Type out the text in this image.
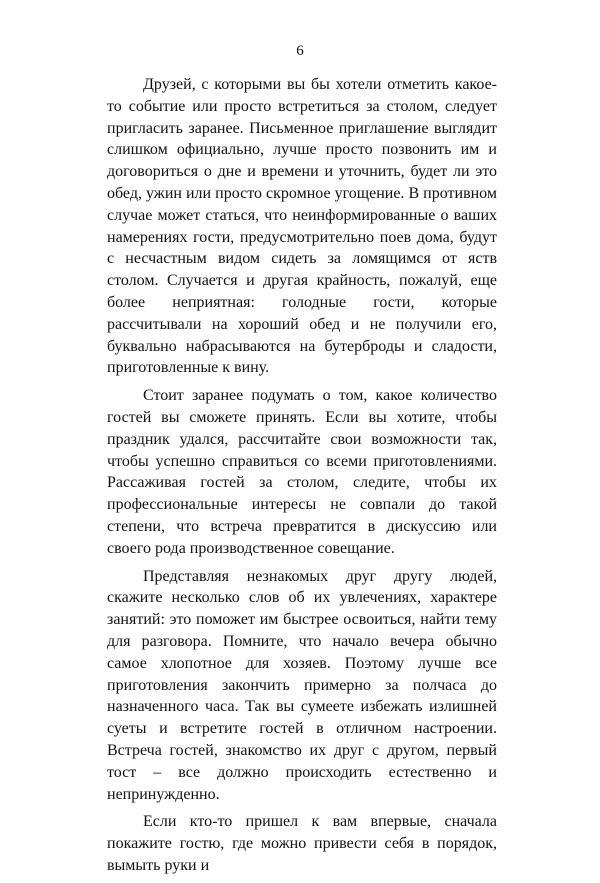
6

Друзей, с которыми вы бы хотели отметить какое-то событие или просто встретиться за столом, следует пригласить заранее. Письменное приглашение выглядит слишком официально, лучше просто позвонить им и договориться о дне и времени и уточнить, будет ли это обед, ужин или просто скромное угощение. В противном случае может статься, что неинформированные о ваших намерениях гости, предусмотрительно поев дома, будут с несчастным видом сидеть за ломящимся от яств столом. Случается и другая крайность, пожалуй, еще более неприятная: голодные гости, которые рассчитывали на хороший обед и не получили его, буквально набрасываются на бутерброды и сладости, приготовленные к вину.

Стоит заранее подумать о том, какое количество гостей вы сможете принять. Если вы хотите, чтобы праздник удался, рассчитайте свои возможности так, чтобы успешно справиться со всеми приготовлениями. Рассаживая гостей за столом, следите, чтобы их профессиональные интересы не совпали до такой степени, что встреча превратится в дискуссию или своего рода производственное совещание.

Представляя незнакомых друг другу людей, скажите несколько слов об их увлечениях, характере занятий: это поможет им быстрее освоиться, найти тему для разговора. Помните, что начало вечера обычно самое хлопотное для хозяев. Поэтому лучше все приготовления закончить примерно за полчаса до назначенного часа. Так вы сумеете избежать излишней суеты и встретите гостей в отличном настроении. Встреча гостей, знакомство их друг с другом, первый тост – все должно происходить естественно и непринужденно.

Если кто-то пришел к вам впервые, сначала покажите гостю, где можно привести себя в порядок, вымыть руки и
